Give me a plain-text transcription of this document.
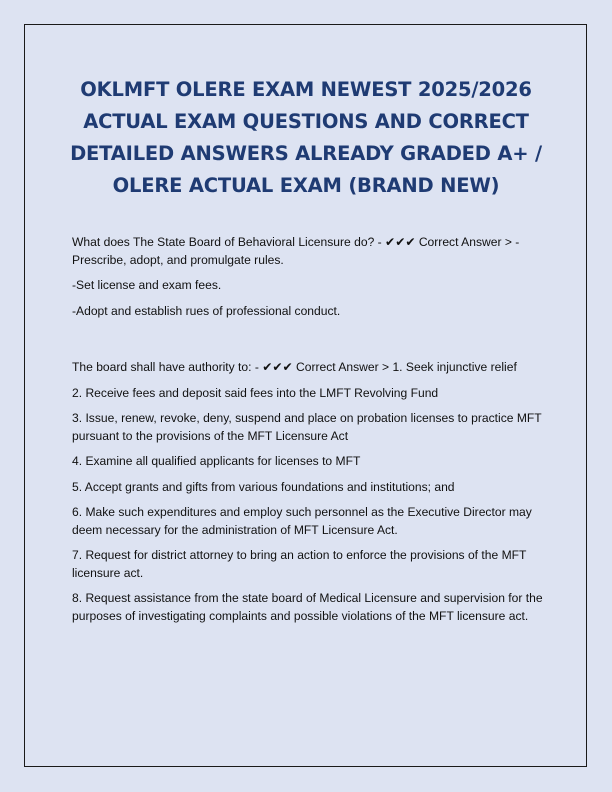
OKLMFT OLERE EXAM NEWEST 2025/2026 ACTUAL EXAM QUESTIONS AND CORRECT DETAILED ANSWERS ALREADY GRADED A+ / OLERE ACTUAL EXAM (BRAND NEW)

What does The State Board of Behavioral Licensure do? - ✔✔✔ Correct Answer > -Prescribe, adopt, and promulgate rules.

-Set license and exam fees.

-Adopt and establish rues of professional conduct.

The board shall have authority to: - ✔✔✔ Correct Answer > 1. Seek injunctive relief

2. Receive fees and deposit said fees into the LMFT Revolving Fund

3. Issue, renew, revoke, deny, suspend and place on probation licenses to practice MFT pursuant to the provisions of the MFT Licensure Act

4. Examine all qualified applicants for licenses to MFT

5. Accept grants and gifts from various foundations and institutions; and

6. Make such expenditures and employ such personnel as the Executive Director may deem necessary for the administration of MFT Licensure Act.

7. Request for district attorney to bring an action to enforce the provisions of the MFT licensure act.

8. Request assistance from the state board of Medical Licensure and supervision for the purposes of investigating complaints and possible violations of the MFT licensure act.
